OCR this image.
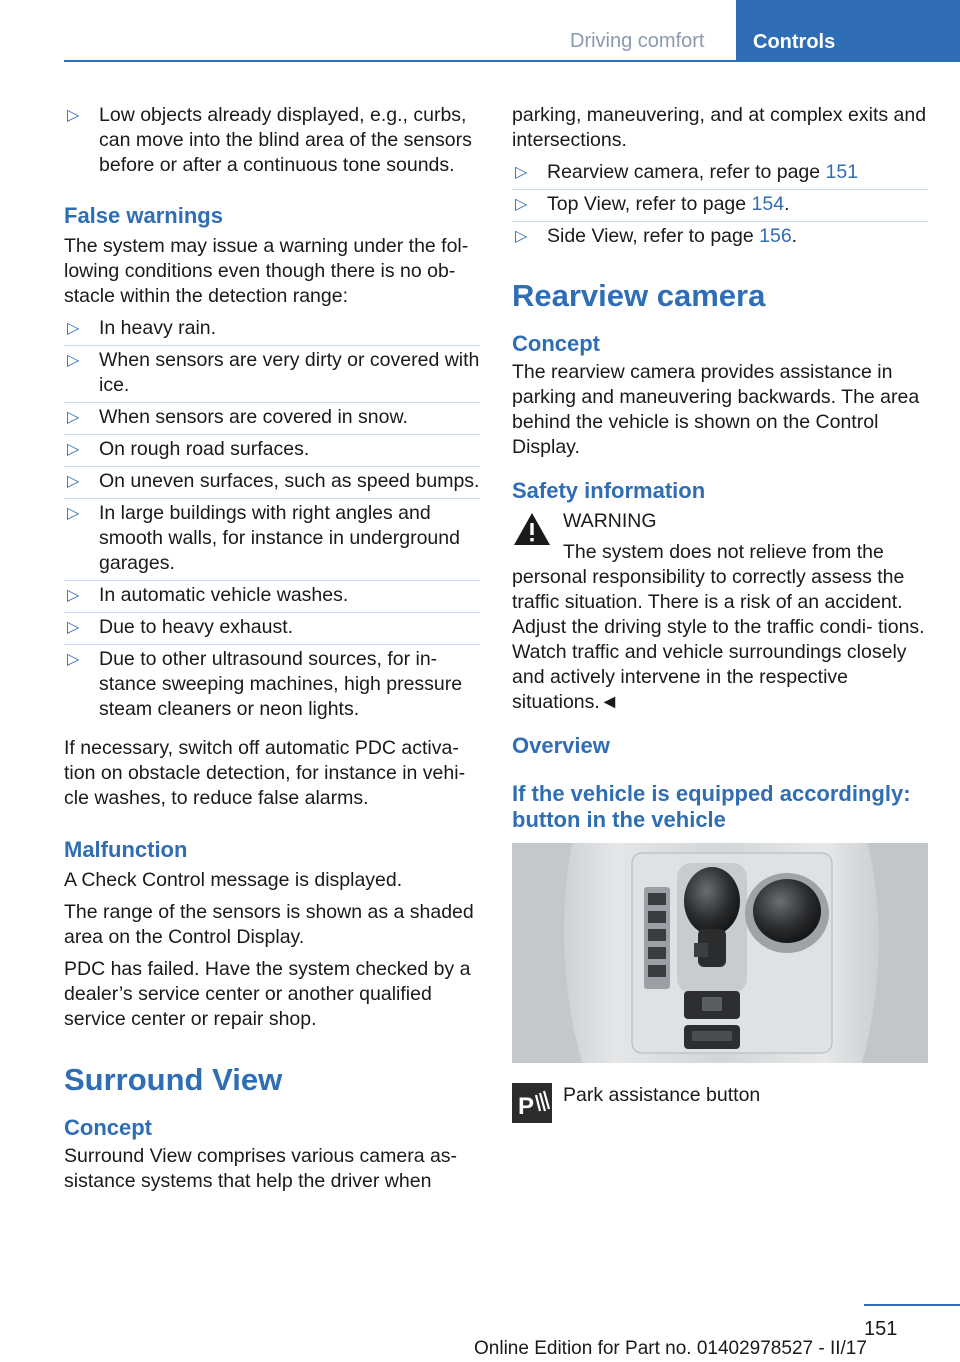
Driving comfort	Controls
▷ Low objects already displayed, e.g., curbs, can move into the blind area of the sensors before or after a continuous tone sounds.
False warnings

The system may issue a warning under the fol‐ lowing conditions even though there is no ob‐ stacle within the detection range:

▷ In heavy rain.
▷ When sensors are very dirty or covered with ice.
▷ When sensors are covered in snow.
▷ On rough road surfaces.
▷ On uneven surfaces, such as speed bumps.
▷ In large buildings with right angles and smooth walls, for instance in underground garages.
▷ In automatic vehicle washes.
▷ Due to heavy exhaust.
▷ Due to other ultrasound sources, for in‐ stance sweeping machines, high pressure steam cleaners or neon lights.

If necessary, switch off automatic PDC activa‐ tion on obstacle detection, for instance in vehi‐ cle washes, to reduce false alarms.

Malfunction

A Check Control message is displayed.

The range of the sensors is shown as a shaded area on the Control Display.

PDC has failed. Have the system checked by a dealer’s service center or another qualified service center or repair shop.

Surround View
Concept

Surround View comprises various camera as‐ sistance systems that help the driver when

parking, maneuvering, and at complex exits and intersections.

▷ Rearview camera, refer to page 151
▷ Top View, refer to page 154.
▷ Side View, refer to page 156.
Rearview camera
Concept

The rearview camera provides assistance in parking and maneuvering backwards. The area behind the vehicle is shown on the Control Display.

Safety information
WARNING

The system does not relieve from the

personal responsibility to correctly assess the traffic situation. There is a risk of an accident. Adjust the driving style to the traffic condi‐ tions. Watch traffic and vehicle surroundings closely and actively intervene in the respective situations.◄

Overview
If the vehicle is equipped accordingly: button in the vehicle
P Park assistance button
151
Online Edition for Part no. 01402978527 - II/17
